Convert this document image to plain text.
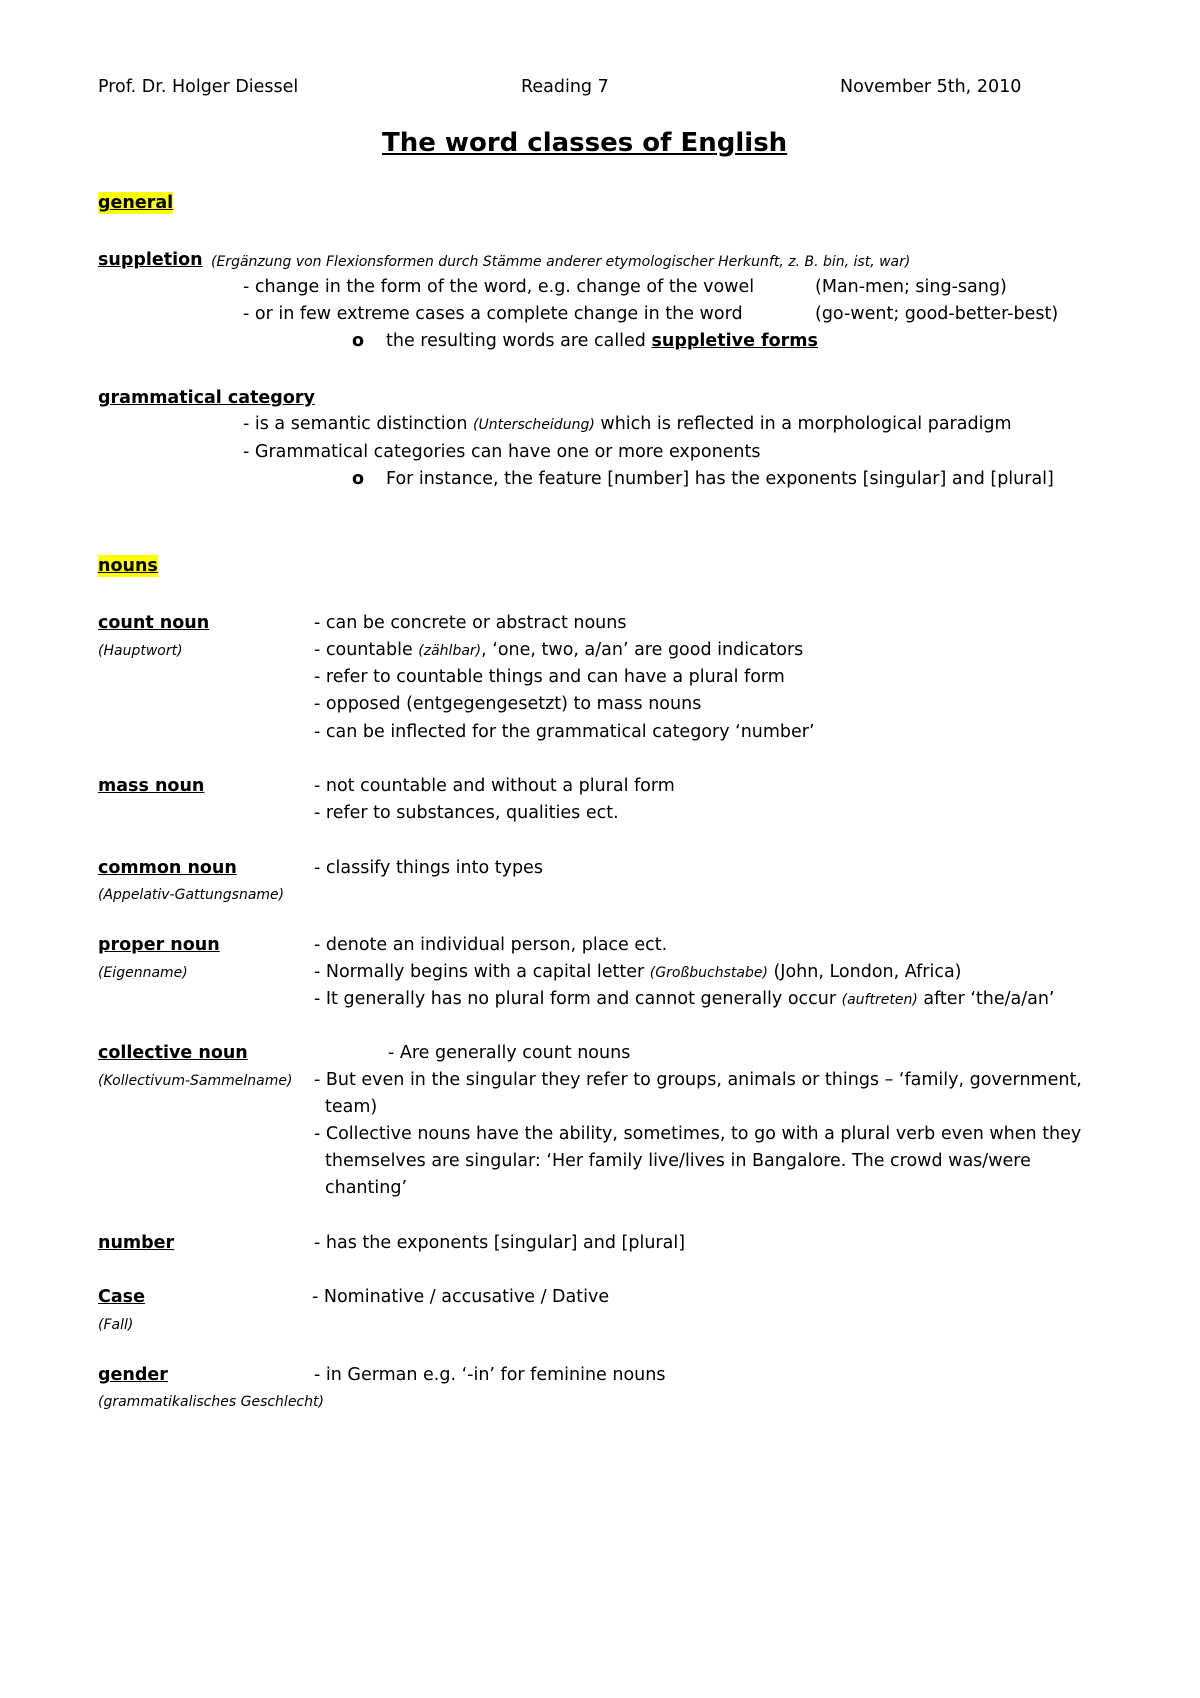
Prof. Dr. Holger Diessel	Reading 7	November 5th, 2010
The word classes of English
general
suppletion (Ergänzung von Flexionsformen durch Stämme anderer etymologischer Herkunft, z. B. bin, ist, war)
- change in the form of the word, e.g. change of the vowel	(Man-men; sing-sang)
- or in few extreme cases a complete change in the word	(go-went; good-better-best)
o the resulting words are called suppletive forms
grammatical category
- is a semantic distinction (Unterscheidung) which is reflected in a morphological paradigm
- Grammatical categories can have one or more exponents
o For instance, the feature [number] has the exponents [singular] and [plural]
nouns
count noun
(Hauptwort)
- can be concrete or abstract nouns
- countable (zählbar), ‘one, two, a/an’ are good indicators
- refer to countable things and can have a plural form
- opposed (entgegengesetzt) to mass nouns
- can be inflected for the grammatical category ‘number’
mass noun	- not countable and without a plural form
- refer to substances, qualities ect.
common noun
(Appelativ-Gattungsname)
- classify things into types
proper noun
(Eigenname)
- denote an individual person, place ect.
- Normally begins with a capital letter (Großbuchstabe) (John, London, Africa)
- It generally has no plural form and cannot generally occur (auftreten) after ‘the/a/an’
collective noun
(Kollectivum-Sammelname)
- Are generally count nouns
- But even in the singular they refer to groups, animals or things – ‘family, government,
team)
- Collective nouns have the ability, sometimes, to go with a plural verb even when they
themselves are singular: ‘Her family live/lives in Bangalore. The crowd was/were
chanting’
number	- has the exponents [singular] and [plural]
Case
(Fall)
- Nominative / accusative / Dative
gender
(grammatikalisches Geschlecht)
- in German e.g. ‘-in’ for feminine nouns
